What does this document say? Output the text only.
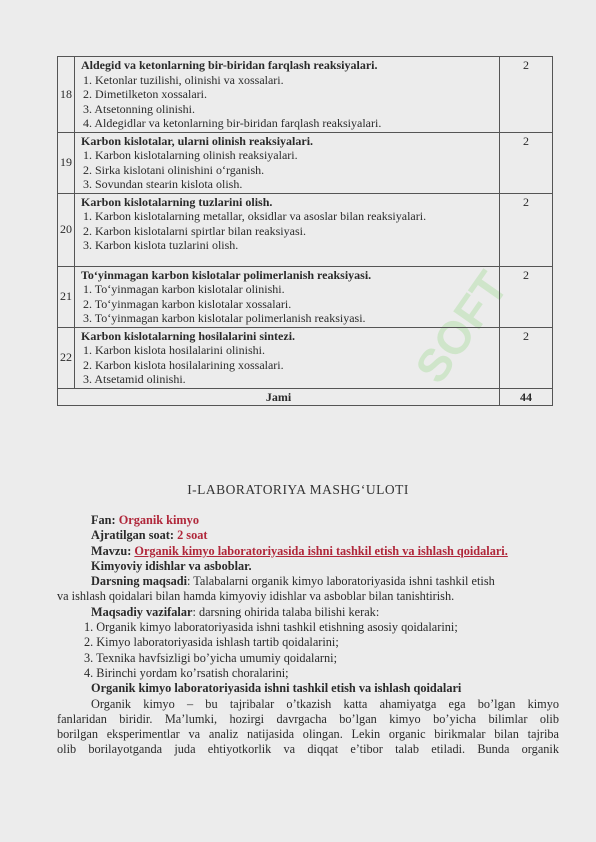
SOFT
18	Aldegid va ketonlarning bir-biridan farqlash reaksiyalari.
1. Ketonlar tuzilishi, olinishi va xossalari.
2. Dimetilketon xossalari.
3. Atsetonning olinishi.
4. Aldegidlar va ketonlarning bir-biridan farqlash reaksiyalari.	2
19	Karbon kislotalar, ularni olinish reaksiyalari.
1. Karbon kislotalarning olinish reaksiyalari.
2. Sirka kislotani olinishini o‘rganish.
3. Sovundan stearin kislota olish.	2
20	Karbon kislotalarning tuzlarini olish.
1. Karbon kislotalarning metallar, oksidlar va asoslar bilan reaksiyalari.
2. Karbon kislotalarni spirtlar bilan reaksiyasi.
3. Karbon kislota tuzlarini olish.	2
21	To‘yinmagan karbon kislotalar polimerlanish reaksiyasi.
1. To‘yinmagan karbon kislotalar olinishi.
2. To‘yinmagan karbon kislotalar xossalari.
3. To‘yinmagan karbon kislotalar polimerlanish reaksiyasi.	2
22	Karbon kislotalarning hosilalarini sintezi.
1. Karbon kislota hosilalarini olinishi.
2. Karbon kislota hosilalarining xossalari.
3. Atsetamid olinishi.	2
Jami		44
I-LABORATORIYA MASHG‘ULOTI
Fan: Organik kimyo
Ajratilgan soat: 2 soat
Mavzu: Organik kimyo laboratoriyasida ishni tashkil etish va ishlash qoidalari.
Kimyoviy idishlar va asboblar.
Darsning maqsadi: Talabalarni organik kimyo laboratoriyasida ishni tashkil etish
va ishlash qoidalari bilan hamda kimyoviy idishlar va asboblar bilan tanishtirish.
Maqsadiy vazifalar: darsning ohirida talaba bilishi kerak:
1. Organik kimyo laboratoriyasida ishni tashkil etishning asosiy qoidalarini;
2. Kimyo laboratoriyasida ishlash tartib qoidalarini;
3. Texnika havfsizligi bo’yicha umumiy qoidalarni;
4. Birinchi yordam ko’rsatish choralarini;
Organik kimyo laboratoriyasida ishni tashkil etish va ishlash qoidalari
Organik kimyo – bu tajribalar o’tkazish katta ahamiyatga ega bo’lgan kimyo
fanlaridan biridir. Ma’lumki, hozirgi davrgacha bo’lgan kimyo bo’yicha bilimlar olib
borilgan eksperimentlar va analiz natijasida olingan. Lekin organic birikmalar bilan tajriba
olib borilayotganda juda ehtiyotkorlik va diqqat e’tibor talab etiladi. Bunda organik
